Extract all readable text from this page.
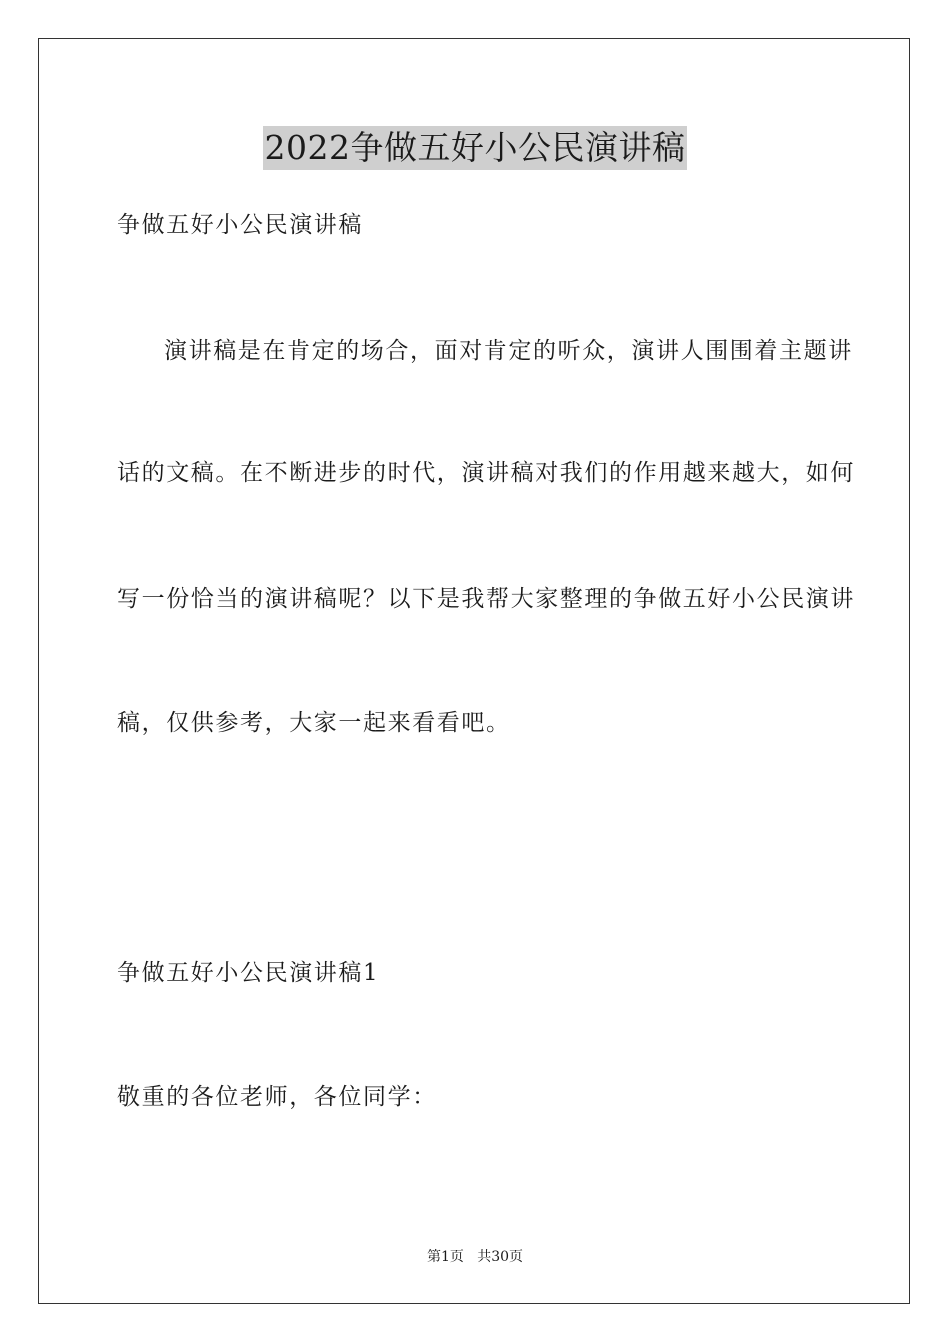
2022争做五好小公民演讲稿
争做五好小公民演讲稿
演讲稿是在肯定的场合，面对肯定的听众，演讲人围围着主题讲
话的文稿。在不断进步的时代，演讲稿对我们的作用越来越大，如何
写一份恰当的演讲稿呢？以下是我帮大家整理的争做五好小公民演讲
稿，仅供参考，大家一起来看看吧。
争做五好小公民演讲稿1
敬重的各位老师，各位同学：
第1页   共30页
